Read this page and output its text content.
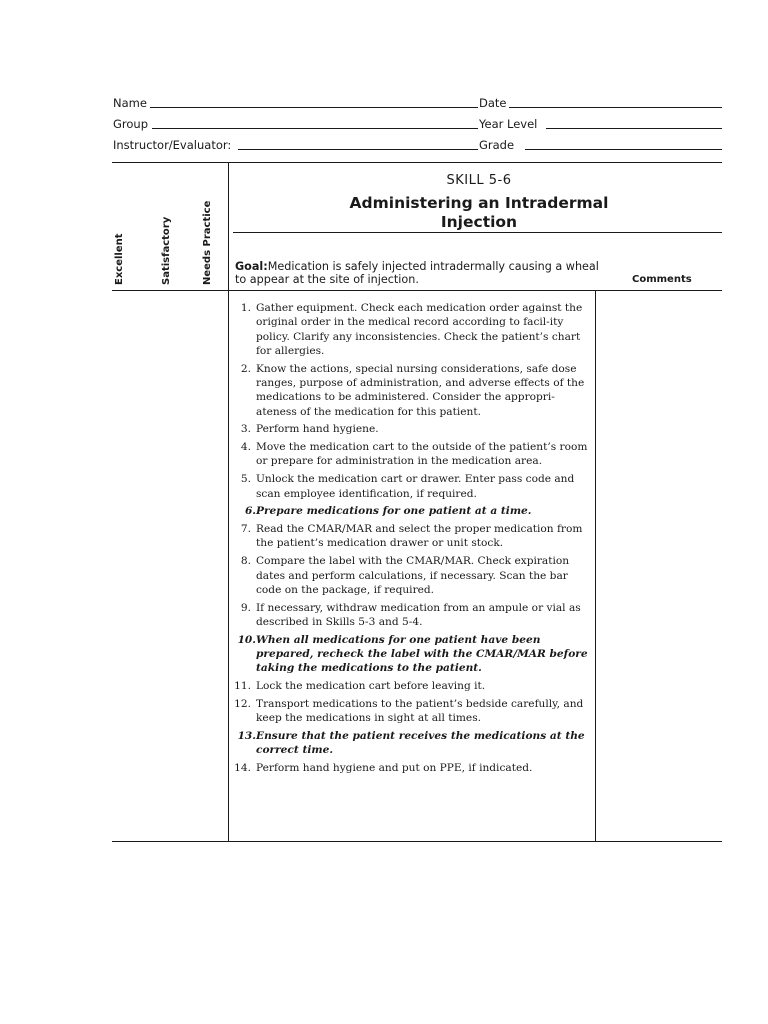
Name	Date
Group	Year Level
Instructor/Evaluator:	Grade
Excellent	Satisfactory	Needs Practice
SKILL 5-6
Administering an Intradermal
Injection
Goal:Medication is safely injected intradermally causing a wheal to appear at the site of injection.	Comments
1. Gather equipment. Check each medication order against the original order in the medical record according to facil-ity policy. Clarify any inconsistencies. Check the patient’s chart for allergies.
2. Know the actions, special nursing considerations, safe dose ranges, purpose of administration, and adverse effects of the medications to be administered. Consider the appropri-ateness of the medication for this patient.
3. Perform hand hygiene.
4. Move the medication cart to the outside of the patient’s room or prepare for administration in the medication area.
5. Unlock the medication cart or drawer. Enter pass code and scan employee identification, if required.
6. Prepare medications for one patient at a time.
7. Read the CMAR/MAR and select the proper medication from the patient’s medication drawer or unit stock.
8. Compare the label with the CMAR/MAR. Check expiration dates and perform calculations, if necessary. Scan the bar code on the package, if required.
9. If necessary, withdraw medication from an ampule or vial as described in Skills 5-3 and 5-4.
10. When all medications for one patient have been prepared, recheck the label with the CMAR/MAR before taking the medications to the patient.
11. Lock the medication cart before leaving it.
12. Transport medications to the patient’s bedside carefully, and keep the medications in sight at all times.
13. Ensure that the patient receives the medications at the correct time.
14. Perform hand hygiene and put on PPE, if indicated.
